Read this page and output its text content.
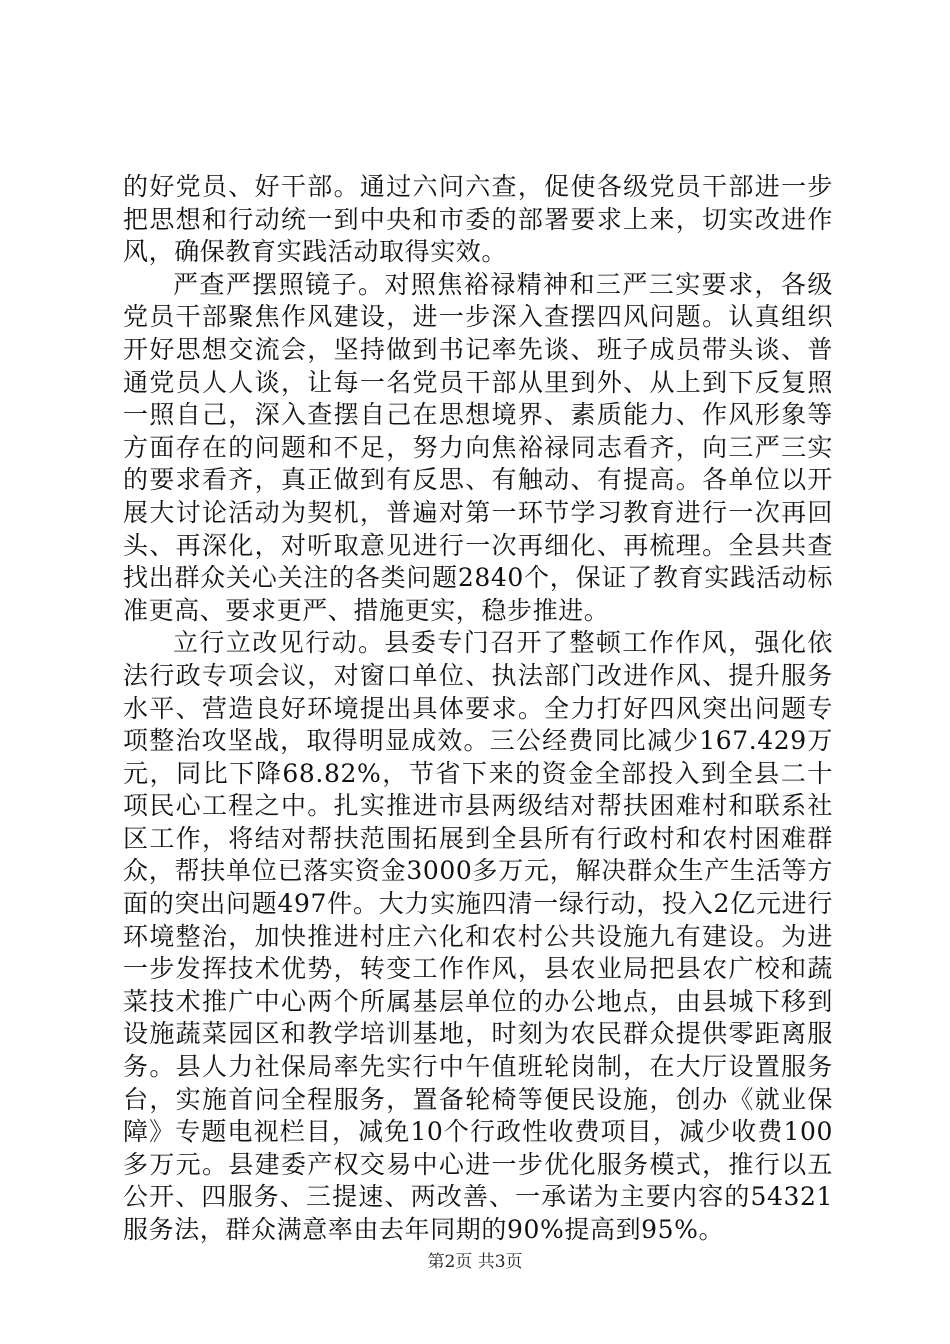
的好党员、好干部。通过六问六查，促使各级党员干部进一步把思想和行动统一到中央和市委的部署要求上来，切实改进作风，确保教育实践活动取得实效。

严查严摆照镜子。对照焦裕禄精神和三严三实要求，各级党员干部聚焦作风建设，进一步深入查摆四风问题。认真组织开好思想交流会，坚持做到书记率先谈、班子成员带头谈、普通党员人人谈，让每一名党员干部从里到外、从上到下反复照一照自己，深入查摆自己在思想境界、素质能力、作风形象等方面存在的问题和不足，努力向焦裕禄同志看齐，向三严三实的要求看齐，真正做到有反思、有触动、有提高。各单位以开展大讨论活动为契机，普遍对第一环节学习教育进行一次再回头、再深化，对听取意见进行一次再细化、再梳理。全县共查找出群众关心关注的各类问题2840个，保证了教育实践活动标准更高、要求更严、措施更实，稳步推进。

立行立改见行动。县委专门召开了整顿工作作风，强化依法行政专项会议，对窗口单位、执法部门改进作风、提升服务水平、营造良好环境提出具体要求。全力打好四风突出问题专项整治攻坚战，取得明显成效。三公经费同比减少167.429万元，同比下降68.82%，节省下来的资金全部投入到全县二十项民心工程之中。扎实推进市县两级结对帮扶困难村和联系社区工作，将结对帮扶范围拓展到全县所有行政村和农村困难群众，帮扶单位已落实资金3000多万元，解决群众生产生活等方面的突出问题497件。大力实施四清一绿行动，投入2亿元进行环境整治，加快推进村庄六化和农村公共设施九有建设。为进一步发挥技术优势，转变工作作风，县农业局把县农广校和蔬菜技术推广中心两个所属基层单位的办公地点，由县城下移到设施蔬菜园区和教学培训基地，时刻为农民群众提供零距离服务。县人力社保局率先实行中午值班轮岗制，在大厅设置服务台，实施首问全程服务，置备轮椅等便民设施，创办《就业保障》专题电视栏目，减免10个行政性收费项目，减少收费100多万元。县建委产权交易中心进一步优化服务模式，推行以五公开、四服务、三提速、两改善、一承诺为主要内容的54321服务法，群众满意率由去年同期的90%提高到95%。

第2页 共3页
